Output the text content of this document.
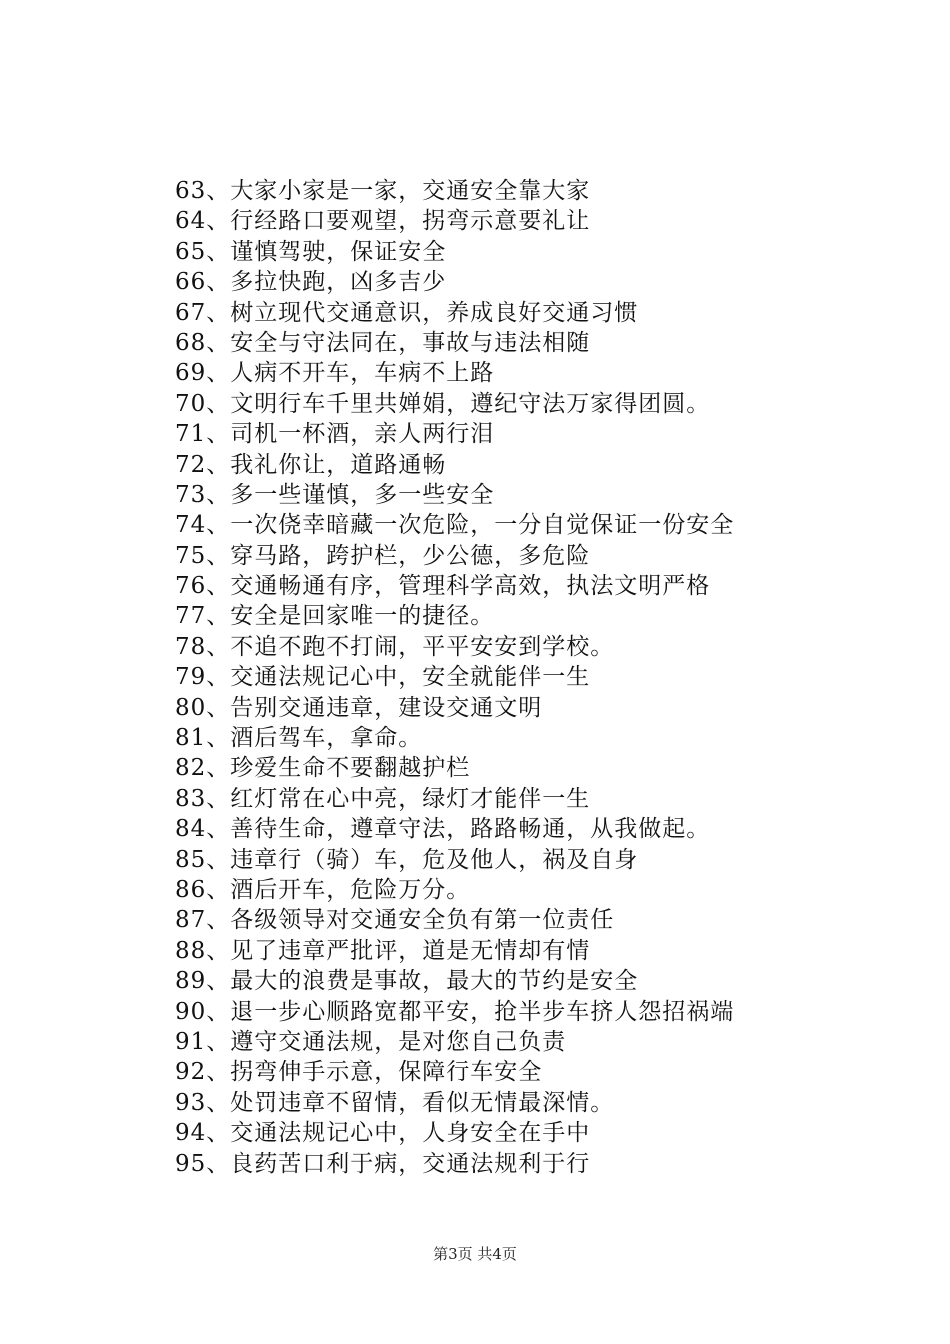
63、大家小家是一家，交通安全靠大家
64、行经路口要观望，拐弯示意要礼让
65、谨慎驾驶，保证安全
66、多拉快跑，凶多吉少
67、树立现代交通意识，养成良好交通习惯
68、安全与守法同在，事故与违法相随
69、人病不开车，车病不上路
70、文明行车千里共婵娟，遵纪守法万家得团圆。
71、司机一杯酒，亲人两行泪
72、我礼你让，道路通畅
73、多一些谨慎，多一些安全
74、一次侥幸暗藏一次危险，一分自觉保证一份安全
75、穿马路，跨护栏，少公德，多危险
76、交通畅通有序，管理科学高效，执法文明严格
77、安全是回家唯一的捷径。
78、不追不跑不打闹，平平安安到学校。
79、交通法规记心中，安全就能伴一生
80、告别交通违章，建设交通文明
81、酒后驾车，拿命。
82、珍爱生命不要翻越护栏
83、红灯常在心中亮，绿灯才能伴一生
84、善待生命，遵章守法，路路畅通，从我做起。
85、违章行（骑）车，危及他人，祸及自身
86、酒后开车，危险万分。
87、各级领导对交通安全负有第一位责任
88、见了违章严批评，道是无情却有情
89、最大的浪费是事故，最大的节约是安全
90、退一步心顺路宽都平安，抢半步车挤人怨招祸端
91、遵守交通法规，是对您自己负责
92、拐弯伸手示意，保障行车安全
93、处罚违章不留情，看似无情最深情。
94、交通法规记心中，人身安全在手中
95、良药苦口利于病，交通法规利于行
第3页 共4页
